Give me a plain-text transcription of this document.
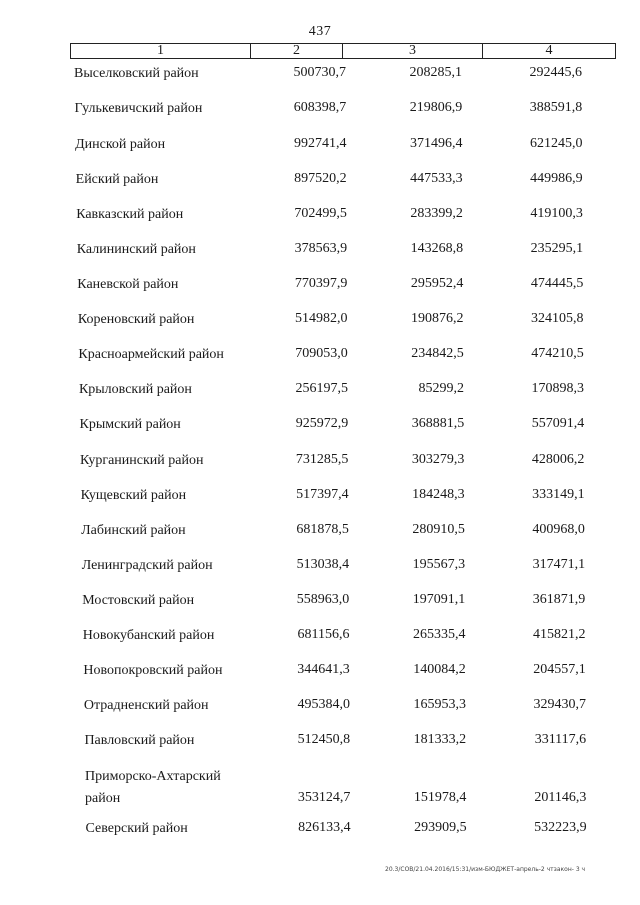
437
1	2	3	4
Выселковский район	500730,7	208285,1	292445,6
Гулькевичский район	608398,7	219806,9	388591,8
Динской район	992741,4	371496,4	621245,0
Ейский район	897520,2	447533,3	449986,9
Кавказский район	702499,5	283399,2	419100,3
Калининский район	378563,9	143268,8	235295,1
Каневской район	770397,9	295952,4	474445,5
Кореновский район	514982,0	190876,2	324105,8
Красноармейский район	709053,0	234842,5	474210,5
Крыловский район	256197,5	85299,2	170898,3
Крымский район	925972,9	368881,5	557091,4
Курганинский район	731285,5	303279,3	428006,2
Кущевский район	517397,4	184248,3	333149,1
Лабинский район	681878,5	280910,5	400968,0
Ленинградский район	513038,4	195567,3	317471,1
Мостовский район	558963,0	197091,1	361871,9
Новокубанский район	681156,6	265335,4	415821,2
Новопокровский район	344641,3	140084,2	204557,1
Отрадненский район	495384,0	165953,3	329430,7
Павловский район	512450,8	181333,2	331117,6
Приморско-Ахтарский
район	353124,7	151978,4	201146,3
Северский район	826133,4	293909,5	532223,9
20.3/СОВ/21.04.2016/15:31/изм-БЮДЖЕТ-апрель-2 чтзакон- 3 ч
